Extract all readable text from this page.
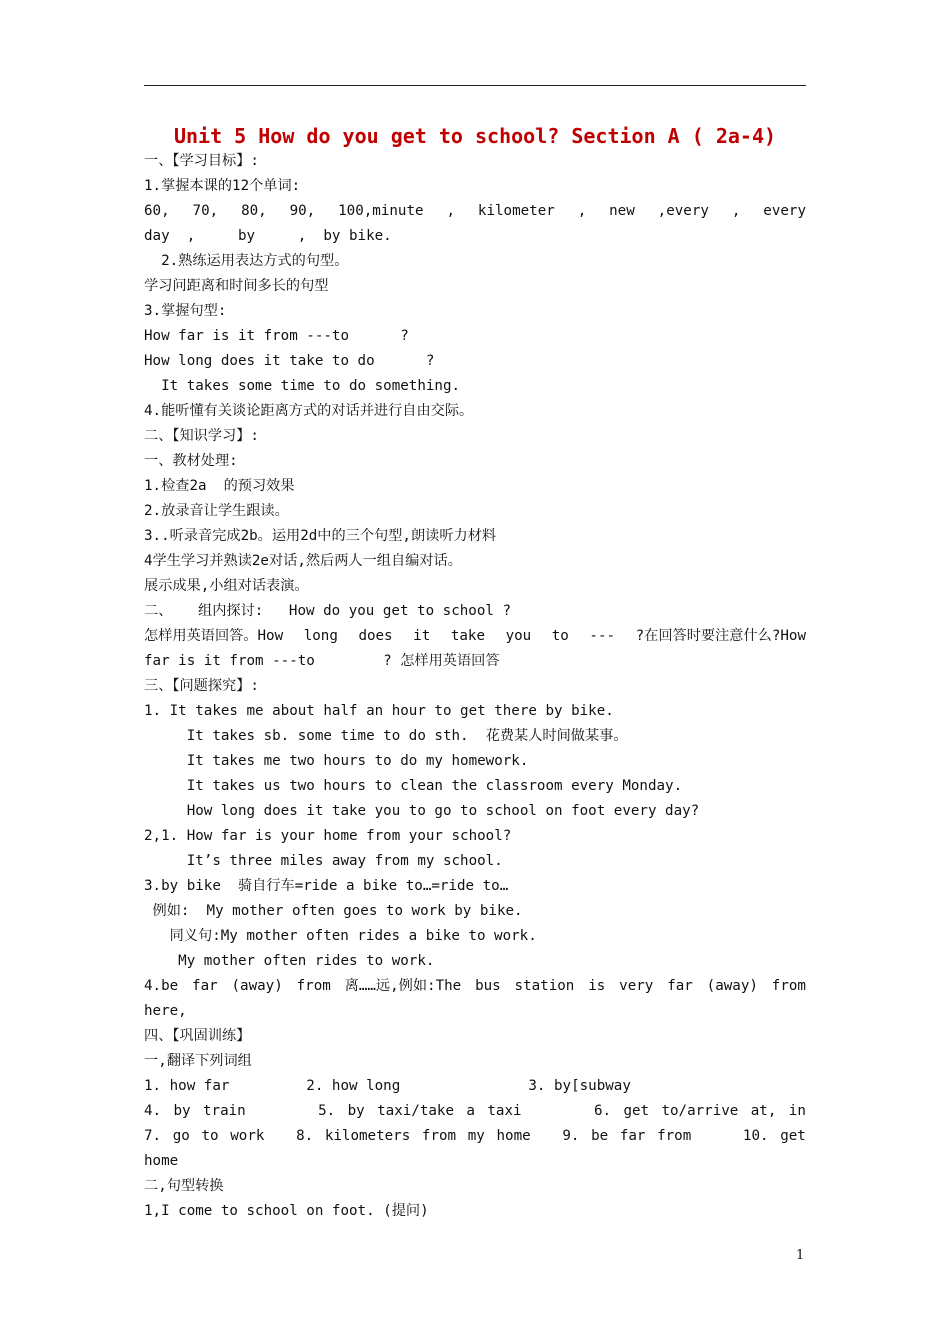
Unit 5 How do you get to school? Section A ( 2a-4)
一、【学习目标】:
1.掌握本课的12个单词:
60, 70, 80, 90, 100,minute , kilometer , new ,every , every
day  ,     by     ,  by bike.
2.熟练运用表达方式的句型。
学习问距离和时间多长的句型
3.掌握句型:
How far is it from ---to      ?
How long does it take to do      ?
It takes some time to do something.
4.能听懂有关谈论距离方式的对话并进行自由交际。
二、【知识学习】:
一、教材处理:
1.检查2a  的预习效果
2.放录音让学生跟读。
3..听录音完成2b。运用2d中的三个句型,朗读听力材料
4学生学习并熟读2e对话,然后两人一组自编对话。
展示成果,小组对话表演。
二、   组内探讨:   How do you get to school ?
怎样用英语回答。How long does it take you to --- ?在回答时要注意什么?How
far is it from ---to        ? 怎样用英语回答
三、【问题探究】:
1. It takes me about half an hour to get there by bike.
It takes sb. some time to do sth.  花费某人时间做某事。
It takes me two hours to do my homework.
It takes us two hours to clean the classroom every Monday.
How long does it take you to go to school on foot every day?
2,1. How far is your home from your school?
It’s three miles away from my school.
3.by bike  骑自行车=ride a bike to…=ride to…
例如:  My mother often goes to work by bike.
同义句:My mother often rides a bike to work.
My mother often rides to work.
4.be far (away) from 离……远,例如:The bus station is very far (away) from
here,
四、【巩固训练】
一,翻译下列词组
1. how far         2. how long               3. by[subway
4. by train	5. by taxi/take a taxi	6. get to/arrive at, in
7. go to work 8. kilometers from my home 9. be far from	10. get
home
二,句型转换
1,I come to school on foot. (提问)
1
